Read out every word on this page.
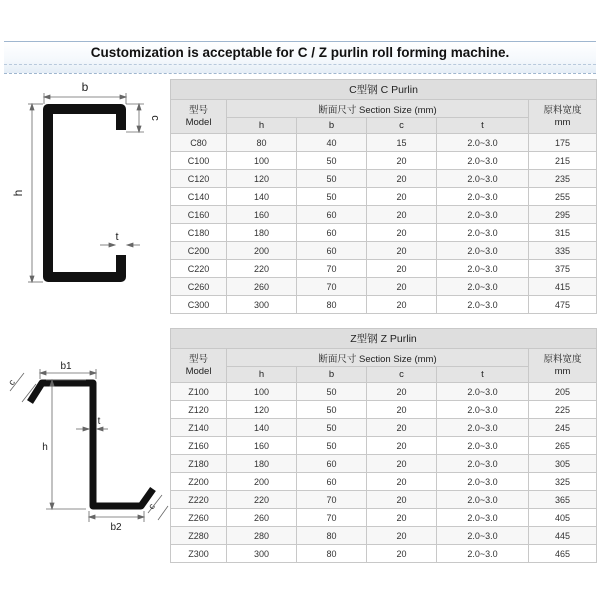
Customization is acceptable for C / Z purlin roll forming machine.
b
c
h
t
b1
b2
c
c
h
t
C型钢 C Purlin					

型号
Model	断面尺寸 Section Size (mm)				原料宽度
mm

	h	b	c	t	
C80	80	40	15	2.0~3.0	175
C100	100	50	20	2.0~3.0	215
C120	120	50	20	2.0~3.0	235
C140	140	50	20	2.0~3.0	255
C160	160	60	20	2.0~3.0	295
C180	180	60	20	2.0~3.0	315
C200	200	60	20	2.0~3.0	335
C220	220	70	20	2.0~3.0	375
C260	260	70	20	2.0~3.0	415
C300	300	80	20	2.0~3.0	475
Z型钢 Z Purlin					

型号
Model	断面尺寸 Section Size (mm)				原料宽度
mm

	h	b	c	t	
Z100	100	50	20	2.0~3.0	205
Z120	120	50	20	2.0~3.0	225
Z140	140	50	20	2.0~3.0	245
Z160	160	50	20	2.0~3.0	265
Z180	180	60	20	2.0~3.0	305
Z200	200	60	20	2.0~3.0	325
Z220	220	70	20	2.0~3.0	365
Z260	260	70	20	2.0~3.0	405
Z280	280	80	20	2.0~3.0	445
Z300	300	80	20	2.0~3.0	465
